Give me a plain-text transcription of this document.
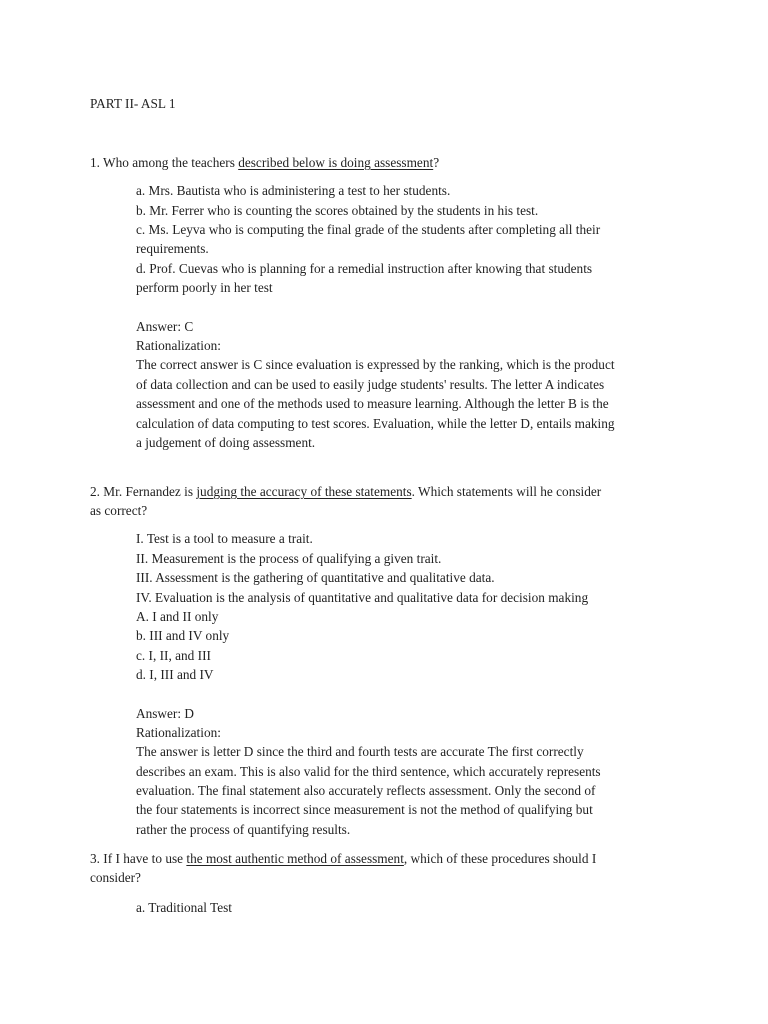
PART II- ASL 1
1. Who among the teachers described below is doing assessment?
a. Mrs. Bautista who is administering a test to her students.
b. Mr. Ferrer who is counting the scores obtained by the students in his test.
c. Ms. Leyva who is computing the final grade of the students after completing all their
requirements.
d. Prof. Cuevas who is planning for a remedial instruction after knowing that students
perform poorly in her test
Answer: C
Rationalization:
The correct answer is C since evaluation is expressed by the ranking, which is the product
of data collection and can be used to easily judge students' results. The letter A indicates
assessment and one of the methods used to measure learning. Although the letter B is the
calculation of data computing to test scores. Evaluation, while the letter D, entails making
a judgement of doing assessment.
2. Mr. Fernandez is judging the accuracy of these statements. Which statements will he consider
as correct?
I. Test is a tool to measure a trait.
II. Measurement is the process of qualifying a given trait.
III. Assessment is the gathering of quantitative and qualitative data.
IV. Evaluation is the analysis of quantitative and qualitative data for decision making
A. I and II only
b. III and IV only
c. I, II, and III
d. I, III and IV
Answer: D
Rationalization:
The answer is letter D since the third and fourth tests are accurate The first correctly
describes an exam. This is also valid for the third sentence, which accurately represents
evaluation. The final statement also accurately reflects assessment. Only the second of
the four statements is incorrect since measurement is not the method of qualifying but
rather the process of quantifying results.
3. If I have to use the most authentic method of assessment, which of these procedures should I
consider?
a. Traditional Test
